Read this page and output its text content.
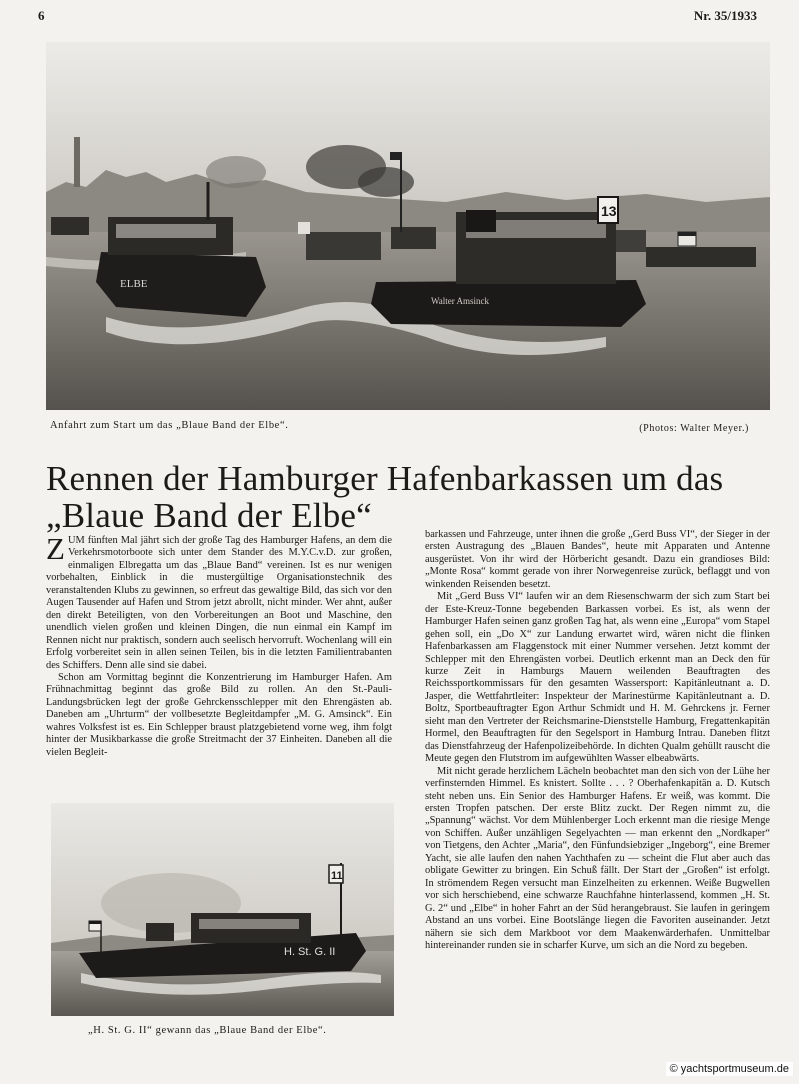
6	Nr. 35/1933
ELBE
13
Walter Amsinck
Anfahrt zum Start um das „Blaue Band der Elbe“.	(Photos: Walter Meyer.)
Rennen der Hamburger Hafenbarkassen um das „Blaue Band der Elbe“

ZUM fünften Mal jährt sich der große Tag des Hamburger Hafens, an dem die Verkehrsmotorboote sich unter dem Stander des M.Y.C.v.D. zur großen, einmaligen Elbregatta um das „Blaue Band“ vereinen. Ist es nur wenigen vorbehalten, Einblick in die mustergültige Organisationstechnik des veranstaltenden Klubs zu gewinnen, so erfreut das gewaltige Bild, das sich vor den Augen Tausender auf Hafen und Strom jetzt abrollt, nicht minder. Wer ahnt, außer den direkt Beteiligten, von den Vorbereitungen an Boot und Maschine, den unendlich vielen großen und kleinen Dingen, die nun einmal ein Kampf im Rennen nicht nur praktisch, sondern auch seelisch hervorruft. Wochenlang will ein Erfolg vorbereitet sein in allen seinen Teilen, bis in die letzten Familientrabanten des Schiffers. Denn alle sind sie dabei.

Schon am Vormittag beginnt die Konzentrierung im Hamburger Hafen. Am Frühnachmittag beginnt das große Bild zu rollen. An den St.-Pauli-Landungsbrücken legt der große Gehrckensschlepper mit den Ehrengästen ab. Daneben am „Uhrturm“ der vollbesetzte Begleitdampfer „M. G. Amsinck“. Ein wahres Volksfest ist es. Ein Schlepper braust platzgebietend vorne weg, ihm folgt hinter der Musikbarkasse die große Streitmacht der 37 Einheiten. Daneben all die vielen Begleit-

barkassen und Fahrzeuge, unter ihnen die große „Gerd Buss VI“, der Sieger in der ersten Austragung des „Blauen Bandes“, heute mit Apparaten und Antenne ausgerüstet. Von ihr wird der Hörbericht gesandt. Dazu ein grandioses Bild: „Monte Rosa“ kommt gerade von ihrer Norwegenreise zurück, beflaggt und von winkenden Reisenden besetzt.

Mit „Gerd Buss VI“ laufen wir an dem Riesenschwarm der sich zum Start bei der Este-Kreuz-Tonne begebenden Barkassen vorbei. Es ist, als wenn der Hamburger Hafen seinen ganz großen Tag hat, als wenn eine „Europa“ vom Stapel gehen soll, ein „Do X“ zur Landung erwartet wird, wären nicht die flinken Hafenbarkassen am Flaggenstock mit einer Nummer versehen. Jetzt kommt der Schlepper mit den Ehrengästen vorbei. Deutlich erkennt man an Deck den für kurze Zeit in Hamburgs Mauern weilenden Beauftragten des Reichssportkommissars für den gesamten Wassersport: Kapitänleutnant a. D. Jasper, die Wettfahrtleiter: Inspekteur der Marinestürme Kapitänleutnant a. D. Boltz, Sportbeauftragter Egon Arthur Schmidt und H. M. Gehrckens jr. Ferner sieht man den Vertreter der Reichsmarine-Dienststelle Hamburg, Fregattenkapitän Hormel, den Beauftragten für den Segelsport in Hamburg Intrau. Daneben flitzt das Dienstfahrzeug der Hafenpolizeibehörde. In dichten Qualm gehüllt rauscht die Meute gegen den Flutstrom im aufgewühlten Wasser elbeabwärts.

Mit nicht gerade herzlichem Lächeln beobachtet man den sich von der Lühe her verfinsternden Himmel. Es knistert. Sollte . . . ? Oberhafenkapitän a. D. Kutsch steht neben uns. Ein Senior des Hamburger Hafens. Er weiß, was kommt. Die ersten Tropfen patschen. Der erste Blitz zuckt. Der Regen nimmt zu, die „Spannung“ wächst. Vor dem Mühlenberger Loch erkennt man die riesige Menge von Schiffen. Außer unzähligen Segelyachten — man erkennt den „Nordkaper“ von Tietgens, den Achter „Maria“, den Fünfundsiebziger „Ingeborg“, eine Bremer Yacht, sie alle laufen den nahen Yachthafen zu — scheint die Flut aber auch das obligate Gewitter zu bringen. Ein Schuß fällt. Der Start der „Großen“ ist erfolgt. In strömendem Regen versucht man Einzelheiten zu erkennen. Weiße Bugwellen vor sich herschiebend, eine schwarze Rauchfahne hinterlassend, kommen „H. St. G. 2“ und „Elbe“ in hoher Fahrt an der Süd herangebraust. Sie laufen in geringem Abstand an uns vorbei. Eine Bootslänge liegen die Favoriten auseinander. Jetzt nähern sie sich dem Markboot vor dem Maakenwärderhafen. Unmittelbar hintereinander runden sie in scharfer Kurve, um sich an die Nord zu begeben.

11
H. St. G. II
„H. St. G. II“ gewann das „Blaue Band der Elbe“.
© yachtsportmuseum.de
